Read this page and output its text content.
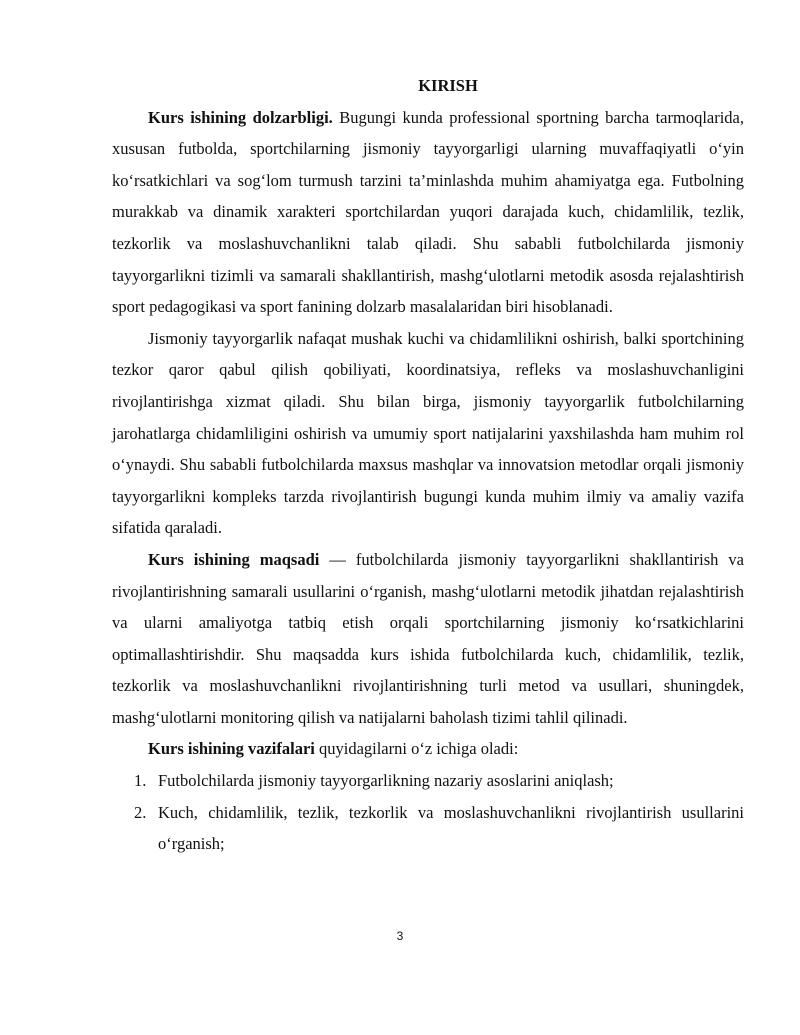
KIRISH

Kurs ishining dolzarbligi. Bugungi kunda professional sportning barcha tarmoqlarida, xususan futbolda, sportchilarning jismoniy tayyorgarligi ularning muvaffaqiyatli o‘yin ko‘rsatkichlari va sog‘lom turmush tarzini ta’minlashda muhim ahamiyatga ega. Futbolning murakkab va dinamik xarakteri sportchilardan yuqori darajada kuch, chidamlilik, tezlik, tezkorlik va moslashuvchanlikni talab qiladi. Shu sababli futbolchilarda jismoniy tayyorgarlikni tizimli va samarali shakllantirish, mashg‘ulotlarni metodik asosda rejalashtirish sport pedagogikasi va sport fanining dolzarb masalalaridan biri hisoblanadi.

Jismoniy tayyorgarlik nafaqat mushak kuchi va chidamlilikni oshirish, balki sportchining tezkor qaror qabul qilish qobiliyati, koordinatsiya, refleks va moslashuvchanligini rivojlantirishga xizmat qiladi. Shu bilan birga, jismoniy tayyorgarlik futbolchilarning jarohatlarga chidamliligini oshirish va umumiy sport natijalarini yaxshilashda ham muhim rol o‘ynaydi. Shu sababli futbolchilarda maxsus mashqlar va innovatsion metodlar orqali jismoniy tayyorgarlikni kompleks tarzda rivojlantirish bugungi kunda muhim ilmiy va amaliy vazifa sifatida qaraladi.

Kurs ishining maqsadi — futbolchilarda jismoniy tayyorgarlikni shakllantirish va rivojlantirishning samarali usullarini o‘rganish, mashg‘ulotlarni metodik jihatdan rejalashtirish va ularni amaliyotga tatbiq etish orqali sportchilarning jismoniy ko‘rsatkichlarini optimallashtirishdir. Shu maqsadda kurs ishida futbolchilarda kuch, chidamlilik, tezlik, tezkorlik va moslashuvchanlikni rivojlantirishning turli metod va usullari, shuningdek, mashg‘ulotlarni monitoring qilish va natijalarni baholash tizimi tahlil qilinadi.

Kurs ishining vazifalari quyidagilarni o‘z ichiga oladi:

1. Futbolchilarda jismoniy tayyorgarlikning nazariy asoslarini aniqlash;
2. Kuch, chidamlilik, tezlik, tezkorlik va moslashuvchanlikni rivojlantirish usullarini o‘rganish;
3
